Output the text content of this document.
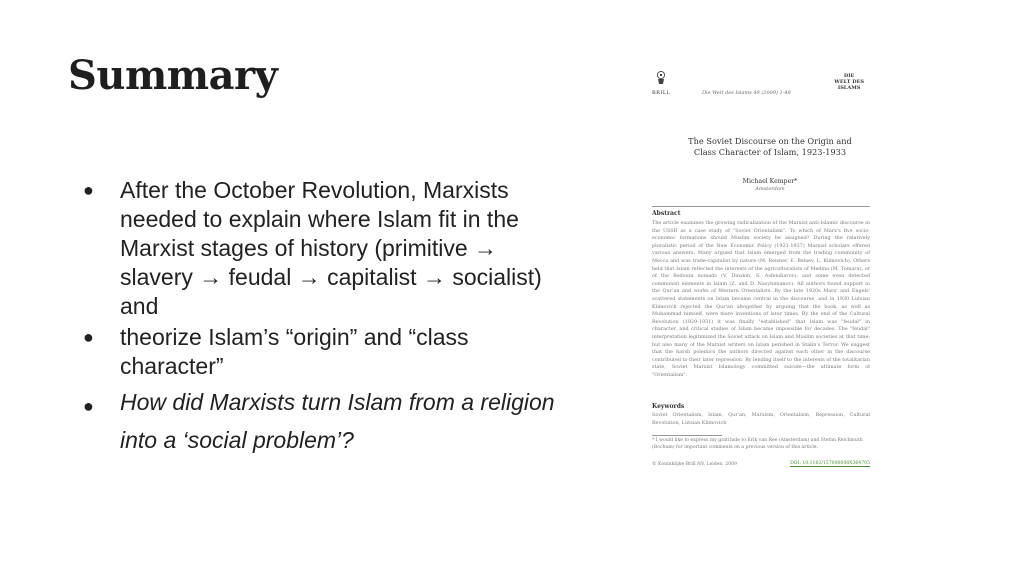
Summary
● After the October Revolution, Marxists needed to explain where Islam fit in the Marxist stages of history (primitive → slavery → feudal → capitalist → socialist) and
● theorize Islam’s “origin” and “class character”
● How did Marxists turn Islam from a religion into a ‘social problem’?
BRILL	Die Welt des Islams 49 (2009) 1-48
DIE
WELT DES
ISLAMS
The Soviet Discourse on the Origin and
Class Character of Islam, 1923-1933
Michael Kemper*
Amsterdam
Abstract
The article examines the growing radicalization of the Marxist anti-Islamic discourse in the USSR as a case study of "Soviet Orientalism". To which of Marx's five socio-economic formations should Muslim society be assigned? During the relatively pluralistic period of the New Economic Policy (1921-1927) Marxist scholars offered various answers. Many argued that Islam emerged from the trading community of Mecca and was trade-capitalist by nature (M. Reisner, E. Belaev, L. Klimovich). Others held that Islam reflected the interests of the agriculturalists of Medina (M. Tomara), or of the Bedouin nomads (V. Dinskin, S. Asfendiarov); and some even detected communist elements in Islam (Z. and D. Nasyhimanov). All authors found support in the Qur'an and works of Western Orientalists. By the late 1920s Marx' and Engels' scattered statements on Islam became central in the discourse, and in 1930 Lutsian Klimovich rejected the Qur'an altogether by arguing that the book, as well as Muhammad himself, were mere inventions of later times. By the end of the Cultural Revolution (1929-1931) it was finally "established" that Islam was "feudal" in character, and critical studies of Islam became impossible for decades. The "feudal" interpretation legitimized the Soviet attack on Islam and Muslim societies at that time; but also many of the Marxist writers on Islam perished in Stalin's Terror. We suggest that the harsh polemics the authors directed against each other in the discourse contributed to their later repression. By lending itself to the interests of the totalitarian state, Soviet Marxist Islamology committed suicide—the ultimate form of "Orientalism".
Keywords
Soviet Orientalism, Islam, Qur'an, Marxism, Orientalism, Repression, Cultural Revolution, Lutsian Klimovich
* I would like to express my gratitude to Erik van Ree (Amsterdam) and Stefan Reichmuth (Bochum) for important comments on a previous version of this article.
© Koninklijke Brill NV, Leiden, 2009	DOI: 10.1163/157006008X364705
